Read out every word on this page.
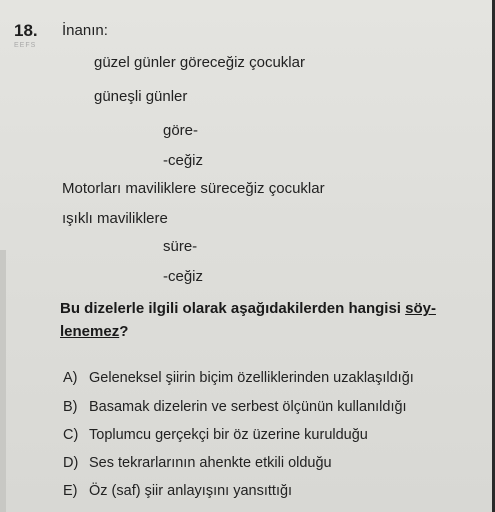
18. İnanın:
EEFS
güzel günler göreceğiz çocuklar
güneşli günler
göre-
-ceğiz
Motorları maviliklere süreceğiz çocuklar
ışıklı maviliklere
süre-
-ceğiz
Bu dizelerle ilgili olarak aşağıdakilerden hangisi söy-
lenemez?
A) Geleneksel şiirin biçim özelliklerinden uzaklaşıldığı
B) Basamak dizelerin ve serbest ölçünün kullanıldığı
C) Toplumcu gerçekçi bir öz üzerine kurulduğu
D) Ses tekrarlarının ahenkte etkili olduğu
E) Öz (saf) şiir anlayışını yansıttığı
